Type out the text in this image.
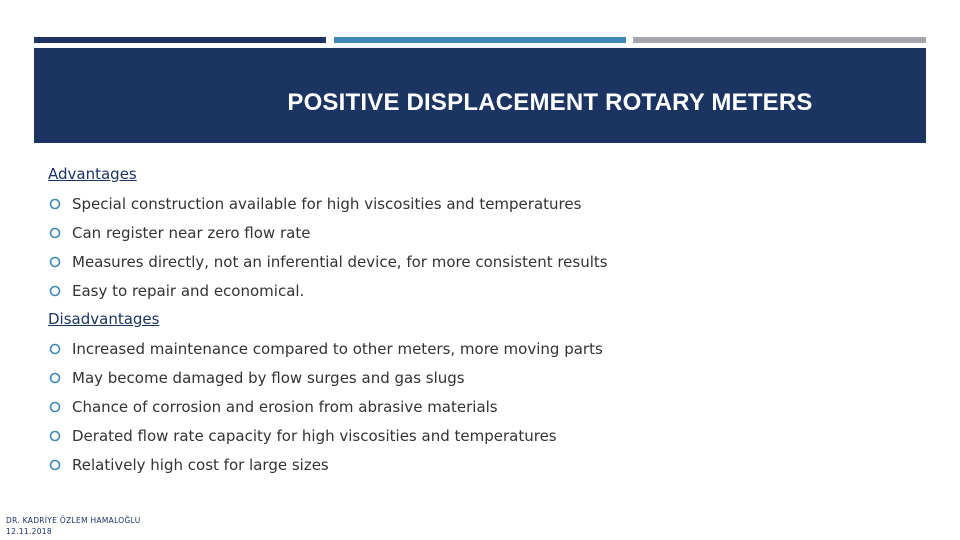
POSITIVE DISPLACEMENT ROTARY METERS
Advantages
Special construction available for high viscosities and temperatures
Can register near zero flow rate
Measures directly, not an inferential device, for more consistent results
Easy to repair and economical.
Disadvantages
Increased maintenance compared to other meters, more moving parts
May become damaged by flow surges and gas slugs
Chance of corrosion and erosion from abrasive materials
Derated flow rate capacity for high viscosities and temperatures
Relatively high cost for large sizes
DR. KADRİYE ÖZLEM HAMALOĞLU
12.11.2018
